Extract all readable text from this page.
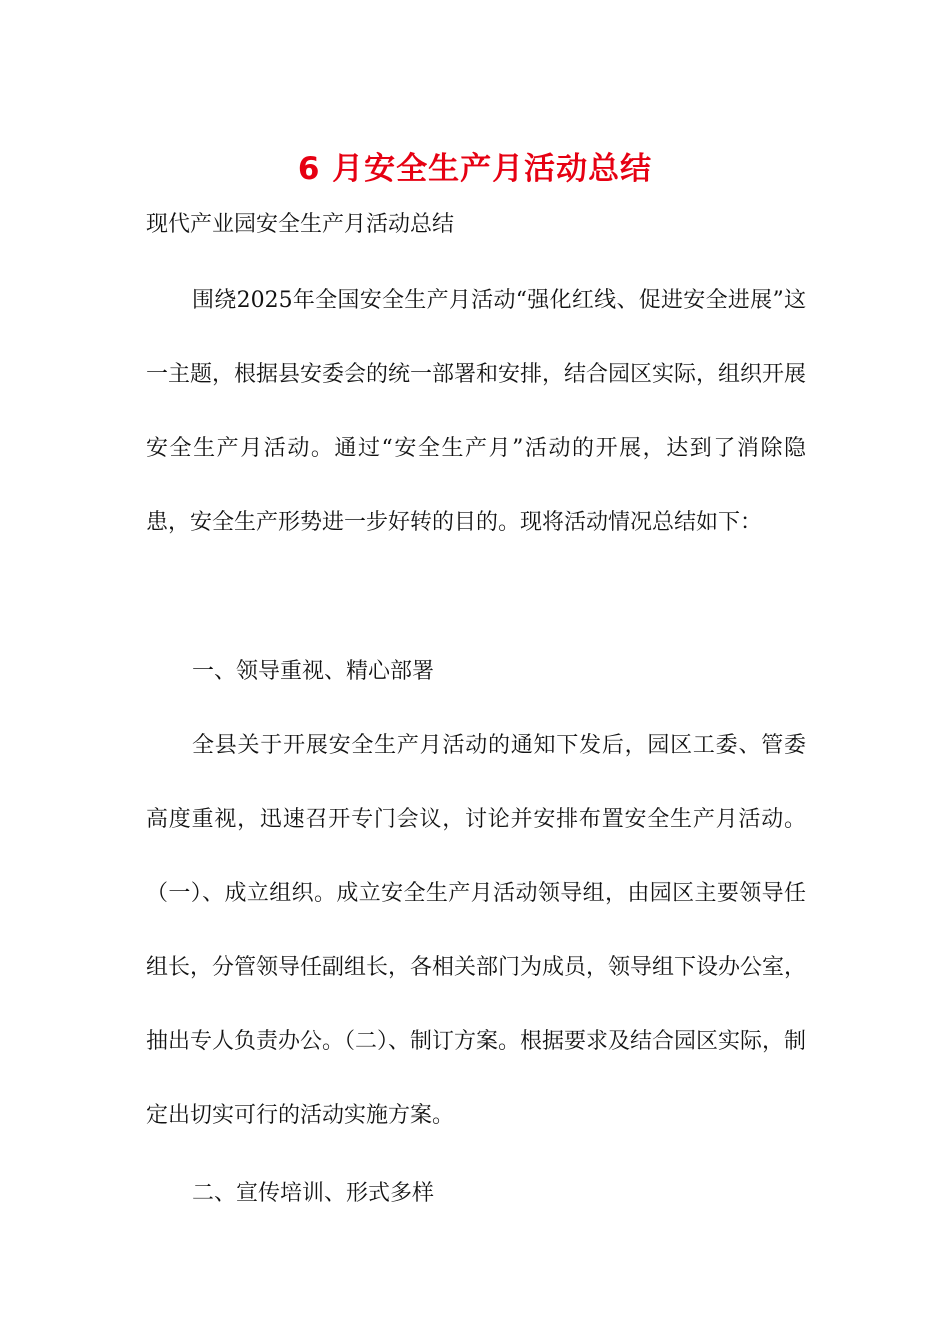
6 月安全生产月活动总结

现代产业园安全生产月活动总结

围绕2025年全国安全生产月活动“强化红线、促进安全进展”这一主题，根据县安委会的统一部署和安排，结合园区实际，组织开展安全生产月活动。通过“安全生产月”活动的开展，达到了消除隐患，安全生产形势进一步好转的目的。现将活动情况总结如下：

一、领导重视、精心部署

全县关于开展安全生产月活动的通知下发后，园区工委、管委高度重视，迅速召开专门会议，讨论并安排布置安全生产月活动。（一）、成立组织。成立安全生产月活动领导组，由园区主要领导任组长，分管领导任副组长，各相关部门为成员，领导组下设办公室，抽出专人负责办公。（二）、制订方案。根据要求及结合园区实际，制定出切实可行的活动实施方案。

二、宣传培训、形式多样
